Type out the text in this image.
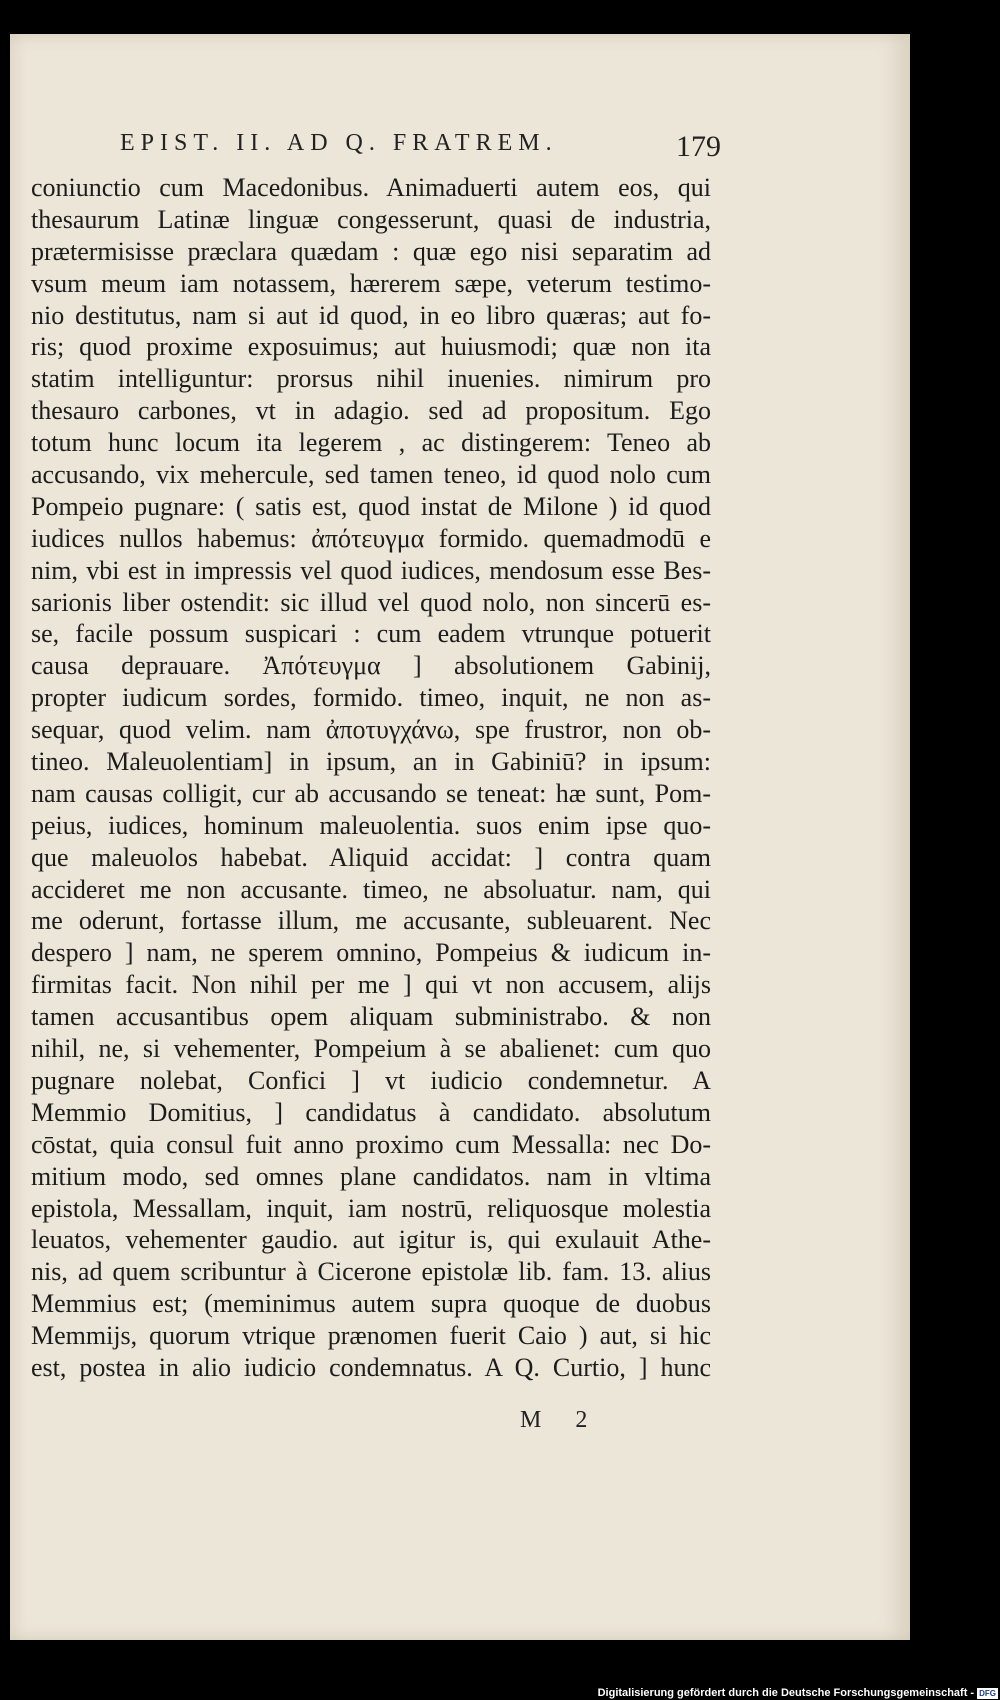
EPIST. II. AD Q. FRATREM.	179
coniunctio cum Macedonibus. Animaduerti autem eos, qui
thesaurum Latinæ linguæ congesserunt, quasi de industria,
prætermisisse præclara quædam : quæ ego nisi separatim ad
vsum meum iam notassem, hærerem sæpe, veterum testimo-
nio destitutus, nam si aut id quod, in eo libro quæras; aut fo-
ris; quod proxime exposuimus; aut huiusmodi; quæ non ita
statim intelliguntur: prorsus nihil inuenies. nimirum pro
thesauro carbones, vt in adagio. sed ad propositum. Ego
totum hunc locum ita legerem , ac distingerem: Teneo ab
accusando, vix mehercule, sed tamen teneo, id quod nolo cum
Pompeio pugnare: ( satis est, quod instat de Milone ) id quod
iudices nullos habemus: ἀπότευγμα formido. quemadmodū e
nim, vbi est in impressis vel quod iudices, mendosum esse Bes-
sarionis liber ostendit: sic illud vel quod nolo, non sincerū es-
se, facile possum suspicari : cum eadem vtrunque potuerit
causa deprauare. Ἀπότευγμα ] absolutionem Gabinij,
propter iudicum sordes, formido. timeo, inquit, ne non as-
sequar, quod velim. nam ἀποτυγχάνω, spe frustror, non ob-
tineo. Maleuolentiam] in ipsum, an in Gabiniū? in ipsum:
nam causas colligit, cur ab accusando se teneat: hæ sunt, Pom-
peius, iudices, hominum maleuolentia. suos enim ipse quo-
que maleuolos habebat. Aliquid accidat: ] contra quam
accideret me non accusante. timeo, ne absoluatur. nam, qui
me oderunt, fortasse illum, me accusante, subleuarent. Nec
despero ] nam, ne sperem omnino, Pompeius & iudicum in-
firmitas facit. Non nihil per me ] qui vt non accusem, alijs
tamen accusantibus opem aliquam subministrabo. & non
nihil, ne, si vehementer, Pompeium à se abalienet: cum quo
pugnare nolebat, Confici ] vt iudicio condemnetur. A
Memmio Domitius, ] candidatus à candidato. absolutum
cōstat, quia consul fuit anno proximo cum Messalla: nec Do-
mitium modo, sed omnes plane candidatos. nam in vltima
epistola, Messallam, inquit, iam nostrū, reliquosque molestia
leuatos, vehementer gaudio. aut igitur is, qui exulauit Athe-
nis, ad quem scribuntur à Cicerone epistolæ lib. fam. 13. alius
Memmius est; (meminimus autem supra quoque de duobus
Memmijs, quorum vtrique prænomen fuerit Caio ) aut, si hic
est, postea in alio iudicio condemnatus. A Q. Curtio, ] hunc
M 2
Digitalisierung gefördert durch die Deutsche Forschungsgemeinschaft - DFG
